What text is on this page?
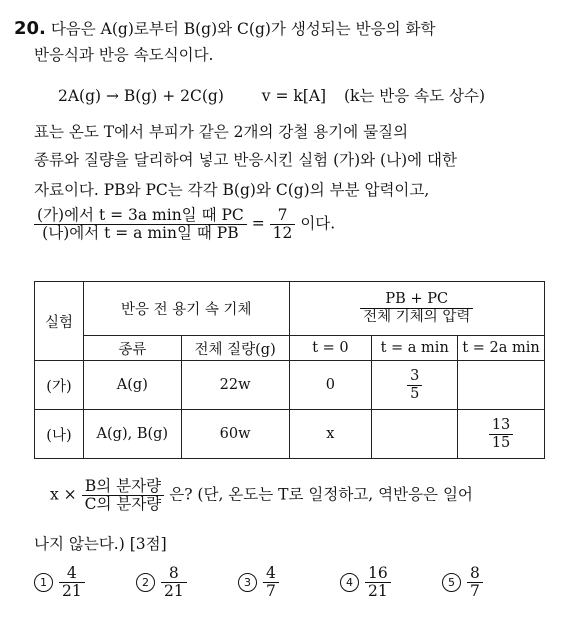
20. 다음은 A(g)로부터 B(g)와 C(g)가 생성되는 반응의 화학
반응식과 반응 속도식이다.
2A(g) → B(g) + 2C(g) v = k[A] (k는 반응 속도 상수)
표는 온도 T에서 부피가 같은 2개의 강철 용기에 물질의
종류와 질량을 달리하여 넣고 반응시킨 실험 (가)와 (나)에 대한
자료이다. PB와 PC는 각각 B(g)와 C(g)의 부분 압력이고,
$\frac{\text{(가)에서 t = 3a min일 때 PC}}{\text{(나)에서 t = a min일 때 PB}} = \frac{7}{12}$ 이다.
실험	반응 전 용기 속 기체		$\frac{PB + PC}{\text{전체 기체의 압력}}$

	종류	전체 질량(g)	t = 0	t = a min	t = 2a min
(가)	A(g)	22w	0	$\frac{3}{5}$

(나)	A(g), B(g)	60w	x		$\frac{13}{15}$
$x \times \frac{\text{B의 분자량}}{\text{C의 분자량}}$ 은? (단, 온도는 T로 일정하고, 역반응은 일어
나지 않는다.) [3점]
$1 \frac{4}{21}$	$2 \frac{8}{21}$	$3 \frac{4}{7}$	$4 \frac{16}{21}$	$5 \frac{8}{7}$
